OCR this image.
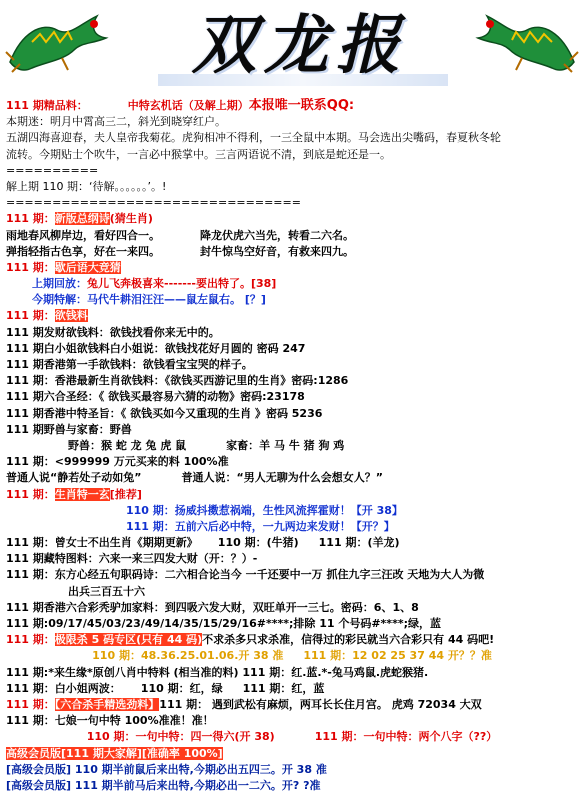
双龙报
111 期精品料：	中特玄机话（及解上期）本报唯一联系QQ:
本期迷：明月中霄高三二，斜光到晓穿红户。
五湖四海喜迎春，夫人皇帝我菊花。虎狗相冲不得利，一三全鼠中本期。马会选出尖嘴码，春夏秋冬轮
流转。今期贴士个吹牛，一言必中猴掌中。三言两语说不清，到底是蛇还是一。
==========
解上期 110 期：‘待解。。。。。。’。!
================================
111 期：新版总纲诗(猜生肖)
雨地春风柳岸边，看好四合一。	降龙伏虎六当先，转看二六名。
弹指轻指古色享，好在一来四。	封牛惊鸟空好音，有救来四九。
111 期：歇后语大竞猜
上期回放：兔儿飞奔极喜来-------要出特了。[38]
今期特解：马代牛耕泪汪汪——鼠左鼠右。 [？]
111 期：欲钱料
111 期发财欲钱料：欲钱找看你来无中的。
111 期白小姐欲钱料白小姐说：欲钱找花好月圆的 密码 247
111 期香港第一手欲钱料：欲钱看宝宝哭的样子。
111 期：香港最新生肖欲钱料：《欲钱买西游记里的生肖》密码:1286
111 期六合圣经：《 欲钱买最容易六猜的动物》密码:23178
111 期香港中特圣旨：《 欲钱买如今又重现的生肖 》密码 5236
111 期野兽与家畜：野兽
野兽：猴 蛇 龙 兔 虎 鼠	家畜：羊 马 牛 猪 狗 鸡
111 期：<999999 万元买来的料 100%准
普通人说“静若处子动如兔”	普通人说：“男人无聊为什么会想女人？”
111 期：生肖特一玄[推荐]
110 期：扬威抖擞惹祸端，生性风流挥霍财！【开 38】
111 期：五前六后必中特，一九两边来发财！【开？】
111 期：曾女士不出生肖《期期更新》 110 期：(牛猪) 111 期：(羊龙)
111 期藏特图料：六来一来三四发大财（开：？）-
111 期：东方心经五句职码诗：二六相合论当今 一千还要中一万 抓住九字三汪改 天地为大人为微
出兵三百五十六
111 期香港六合彩秃驴加家料：到四吸六发大财，双旺单开一三七。密码：6、1、8
111 期:09/17/45/03/23/49/14/35/15/29/16#****;排除 11 个号码#****;绿，蓝
111 期：极限杀 5 码专区(只有 44 码)不求杀多只求杀准，信得过的彩民就当六合彩只有 44 码吧!
110 期：48.36.25.01.06.开 38 准 111 期：12 02 25 37 44 开？？准
111 期:*来生缘*原创八肖中特料 (相当准的料) 111 期：红.蓝.*-兔马鸡鼠.虎蛇猴猪.
111 期：白小姐两波： 110 期：红，绿 111 期：红，蓝
111 期：【六合杀手精选劲料】111 期： 遇到武松有麻烦，两耳长长住月宫。 虎鸡 72034 大双
111 期：七娘一句中特 100%准准！准！
110 期：一句中特：四一得六(开 38)	111 期：一句中特：两个八字（??）
高级会员版[111 期大家解][准确率 100%]
[高级会员版] 110 期半前鼠后来出特,今期必出五四三。开 38 准
[高级会员版] 111 期半前马后来出特,今期必出一二六。开? ?准
